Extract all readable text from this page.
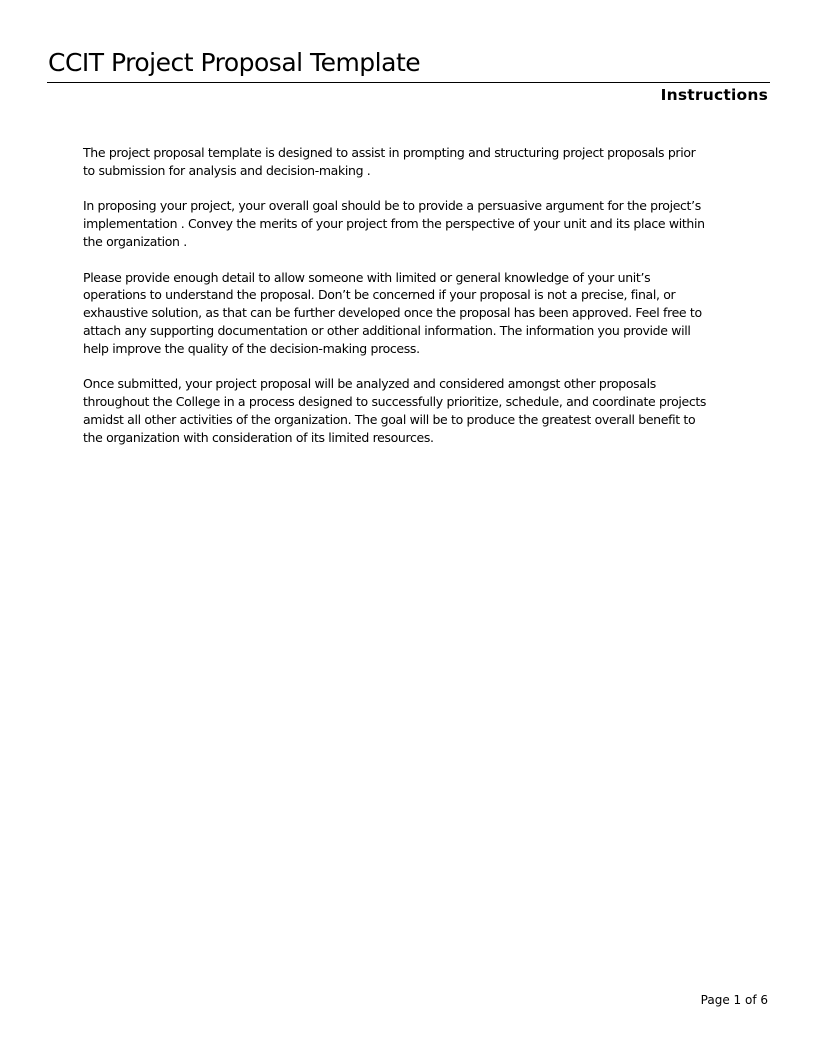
CCIT Project Proposal Template
Instructions

The project proposal template is designed to assist in prompting and structuring project proposals prior
to submission for analysis and decision-making .

In proposing your project, your overall goal should be to provide a persuasive argument for the project’s
implementation . Convey the merits of your project from the perspective of your unit and its place within
the organization .

Please provide enough detail to allow someone with limited or general knowledge of your unit’s
operations to understand the proposal. Don’t be concerned if your proposal is not a precise, final, or
exhaustive solution, as that can be further developed once the proposal has been approved. Feel free to
attach any supporting documentation or other additional information. The information you provide will
help improve the quality of the decision-making process.

Once submitted, your project proposal will be analyzed and considered amongst other proposals
throughout the College in a process designed to successfully prioritize, schedule, and coordinate projects
amidst all other activities of the organization. The goal will be to produce the greatest overall benefit to
the organization with consideration of its limited resources.

Page 1 of 6
